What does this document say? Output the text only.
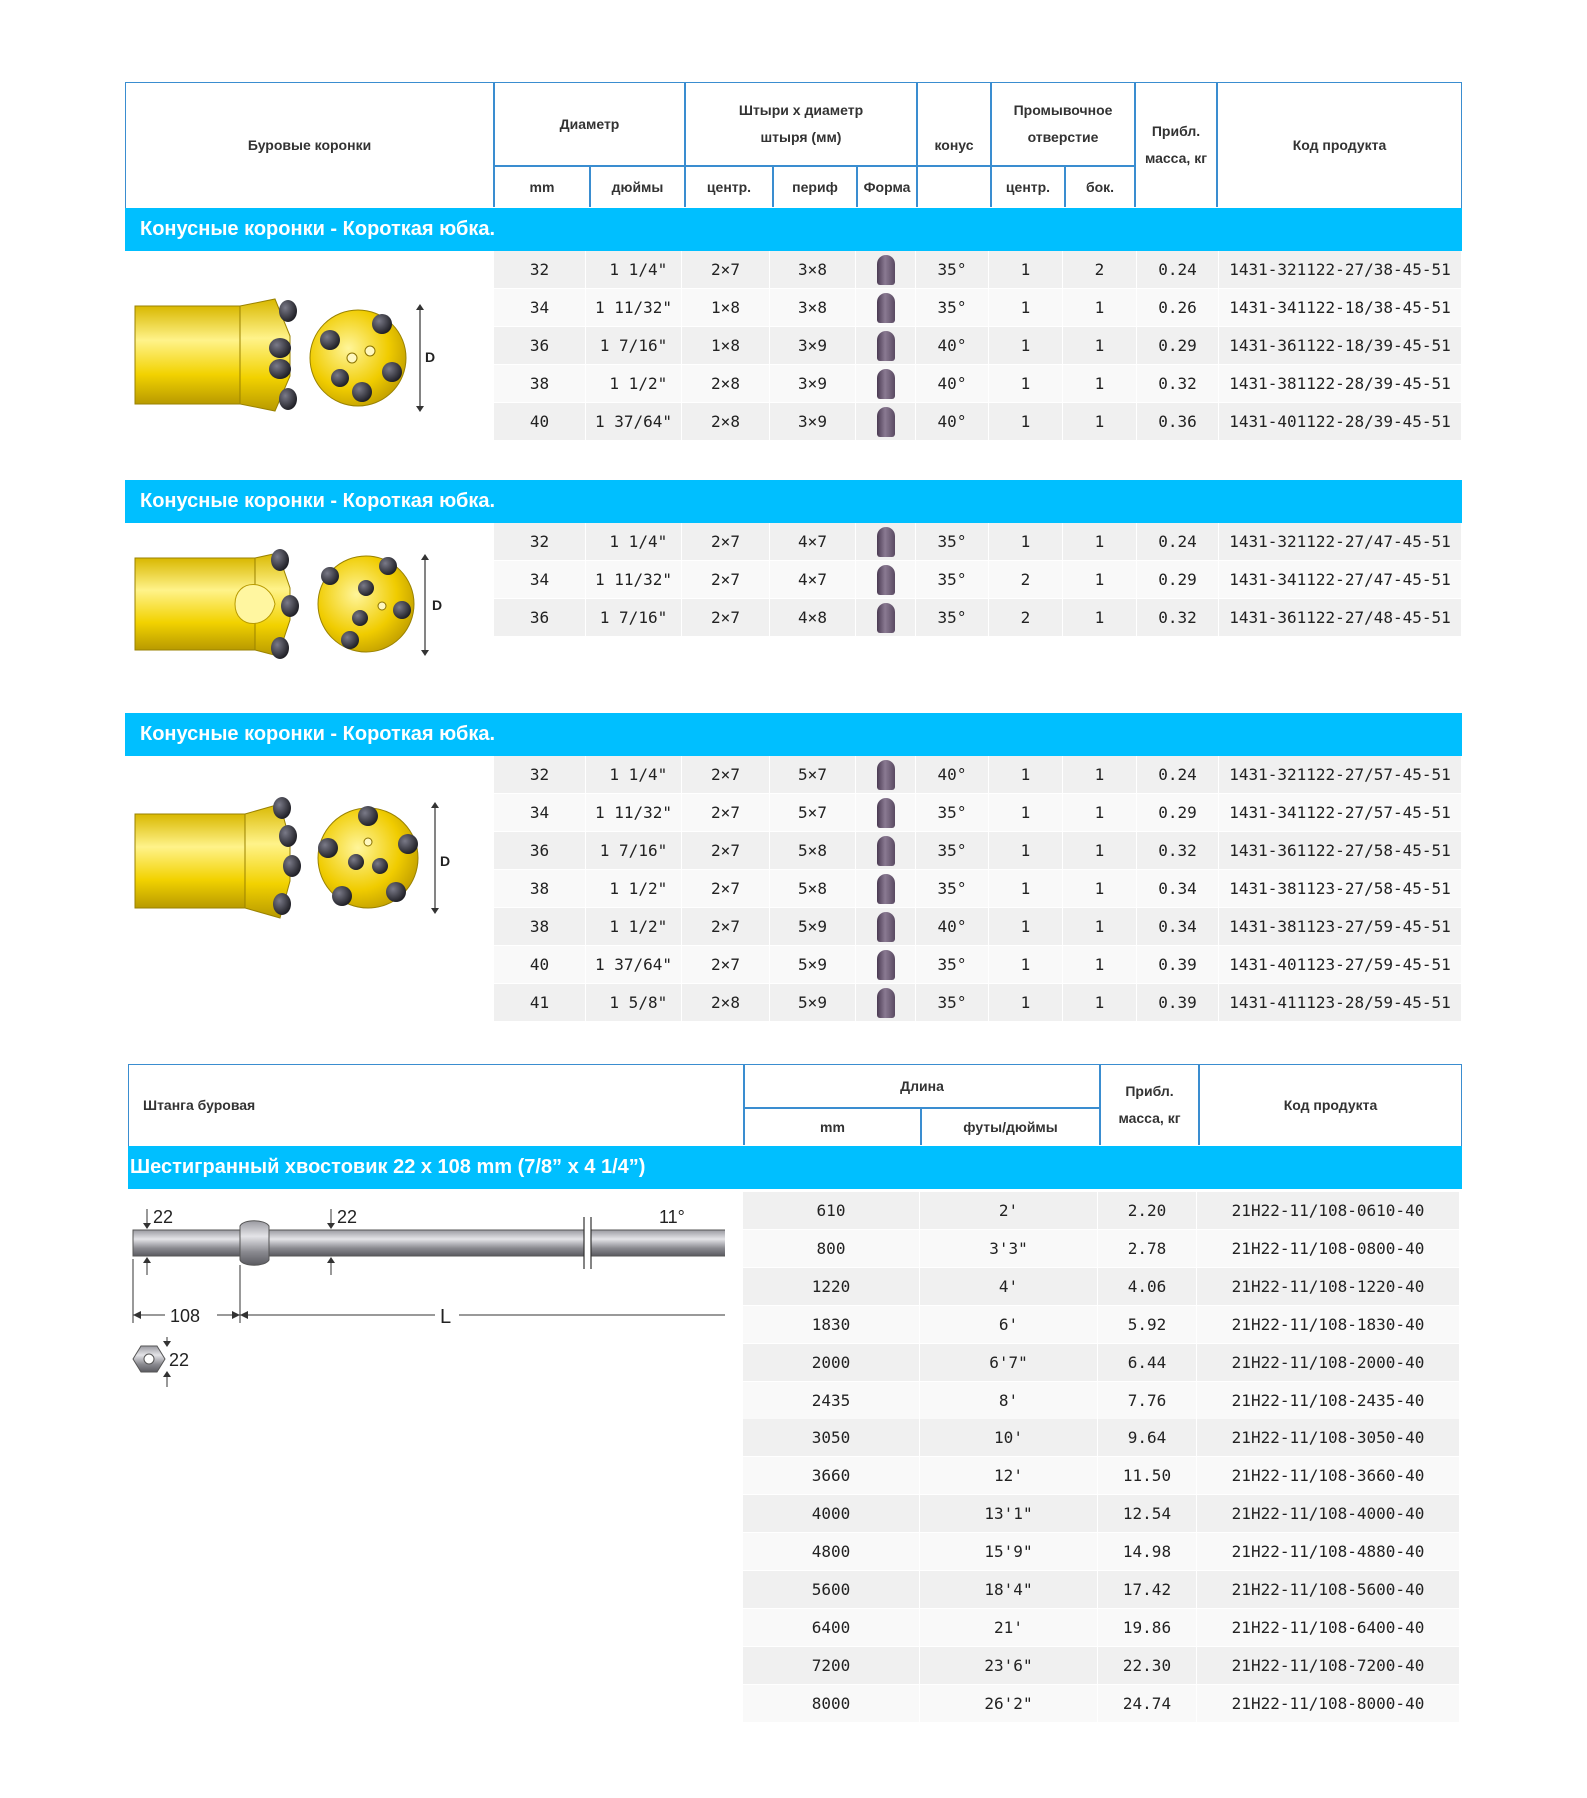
Буровые коронки
Диаметр
mm	дюймы
Штыри x диаметр штыря (мм)
центр.	периф	Форма
конус
Промывочное отверстие
центр.	бок.
Прибл. масса, кг
Код продукта
Конусные коронки - Короткая юбка.
32	1 1/4"	2×7	3×8	35°	1	2	0.24	1431-321122-27/38-45-51
34	1 11/32"	1×8	3×8	35°	1	1	0.26	1431-341122-18/38-45-51
36	1 7/16"	1×8	3×9	40°	1	1	0.29	1431-361122-18/39-45-51
38	1 1/2"	2×8	3×9	40°	1	1	0.32	1431-381122-28/39-45-51
40	1 37/64"	2×8	3×9	40°	1	1	0.36	1431-401122-28/39-45-51
D
Конусные коронки - Короткая юбка.
32	1 1/4"	2×7	4×7	35°	1	1	0.24	1431-321122-27/47-45-51
34	1 11/32"	2×7	4×7	35°	2	1	0.29	1431-341122-27/47-45-51
36	1 7/16"	2×7	4×8	35°	2	1	0.32	1431-361122-27/48-45-51
D
Конусные коронки - Короткая юбка.
32	1 1/4"	2×7	5×7	40°	1	1	0.24	1431-321122-27/57-45-51
34	1 11/32"	2×7	5×7	35°	1	1	0.29	1431-341122-27/57-45-51
36	1 7/16"	2×7	5×8	35°	1	1	0.32	1431-361122-27/58-45-51
38	1 1/2"	2×7	5×8	35°	1	1	0.34	1431-381123-27/58-45-51
38	1 1/2"	2×7	5×9	40°	1	1	0.34	1431-381123-27/59-45-51
40	1 37/64"	2×7	5×9	35°	1	1	0.39	1431-401123-27/59-45-51
41	1 5/8"	2×8	5×9	35°	1	1	0.39	1431-411123-28/59-45-51
D
Штанга буровая
Длина
mm	футы/дюймы
Прибл. масса, кг
Код продукта
Шестигранный хвостовик 22 x 108 mm (7/8” x 4 1/4”)
610	2'	2.20	21H22-11/108-0610-40
800	3'3"	2.78	21H22-11/108-0800-40
1220	4'	4.06	21H22-11/108-1220-40
1830	6'	5.92	21H22-11/108-1830-40
2000	6'7"	6.44	21H22-11/108-2000-40
2435	8'	7.76	21H22-11/108-2435-40
3050	10'	9.64	21H22-11/108-3050-40
3660	12'	11.50	21H22-11/108-3660-40
4000	13'1"	12.54	21H22-11/108-4000-40
4800	15'9"	14.98	21H22-11/108-4880-40
5600	18'4"	17.42	21H22-11/108-5600-40
6400	21'	19.86	21H22-11/108-6400-40
7200	23'6"	22.30	21H22-11/108-7200-40
8000	26'2"	24.74	21H22-11/108-8000-40
22	22	11°
108	L
22
